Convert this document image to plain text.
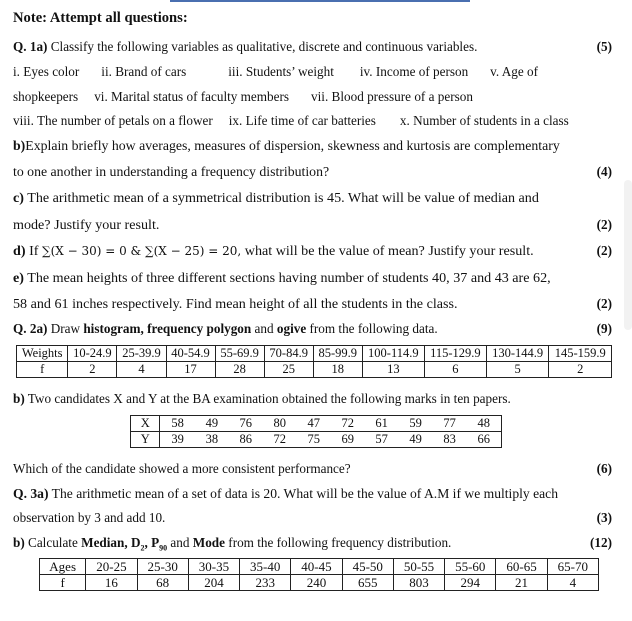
Note: Attempt all questions:
Q. 1a) Classify the following variables as qualitative, discrete and continuous variables.	(5)
i. Eyes color ii. Brand of cars	iii. Students’ weight iv. Income of person v. Age of
shopkeepers vi. Marital status of faculty members vii. Blood pressure of a person
viii. The number of petals on a flower ix. Life time of car batteries x. Number of students in a class
b)Explain briefly how averages, measures of dispersion, skewness and kurtosis are complementary
to one another in understanding a frequency distribution?	(4)
c) The arithmetic mean of a symmetrical distribution is 45. What will be value of median and
mode? Justify your result.	(2)
d) If ∑(X − 30) = 0 & ∑(X − 25) = 20, what will be the value of mean? Justify your result.	(2)
e) The mean heights of three different sections having number of students 40, 37 and 43 are 62,
58 and 61 inches respectively. Find mean height of all the students in the class.	(2)
Q. 2a) Draw histogram, frequency polygon and ogive from the following data.	(9)
Weights	10-24.9	25-39.9	40-54.9	55-69.9	70-84.9	85-99.9	100-114.9	115-129.9	130-144.9	145-159.9
f	2	4	17	28	25	18	13	6	5	2
b) Two candidates X and Y at the BA examination obtained the following marks in ten papers.
X	58	49	76	80	47	72	61	59	77	48
Y	39	38	86	72	75	69	57	49	83	66
Which of the candidate showed a more consistent performance?	(6)
Q. 3a) The arithmetic mean of a set of data is 20. What will be the value of A.M if we multiply each
observation by 3 and add 10.	(3)
b) Calculate Median, $D_2$, $P_{90}$ and Mode from the following frequency distribution.	(12)
Ages	20-25	25-30	30-35	35-40	40-45	45-50	50-55	55-60	60-65	65-70
f	16	68	204	233	240	655	803	294	21	4
